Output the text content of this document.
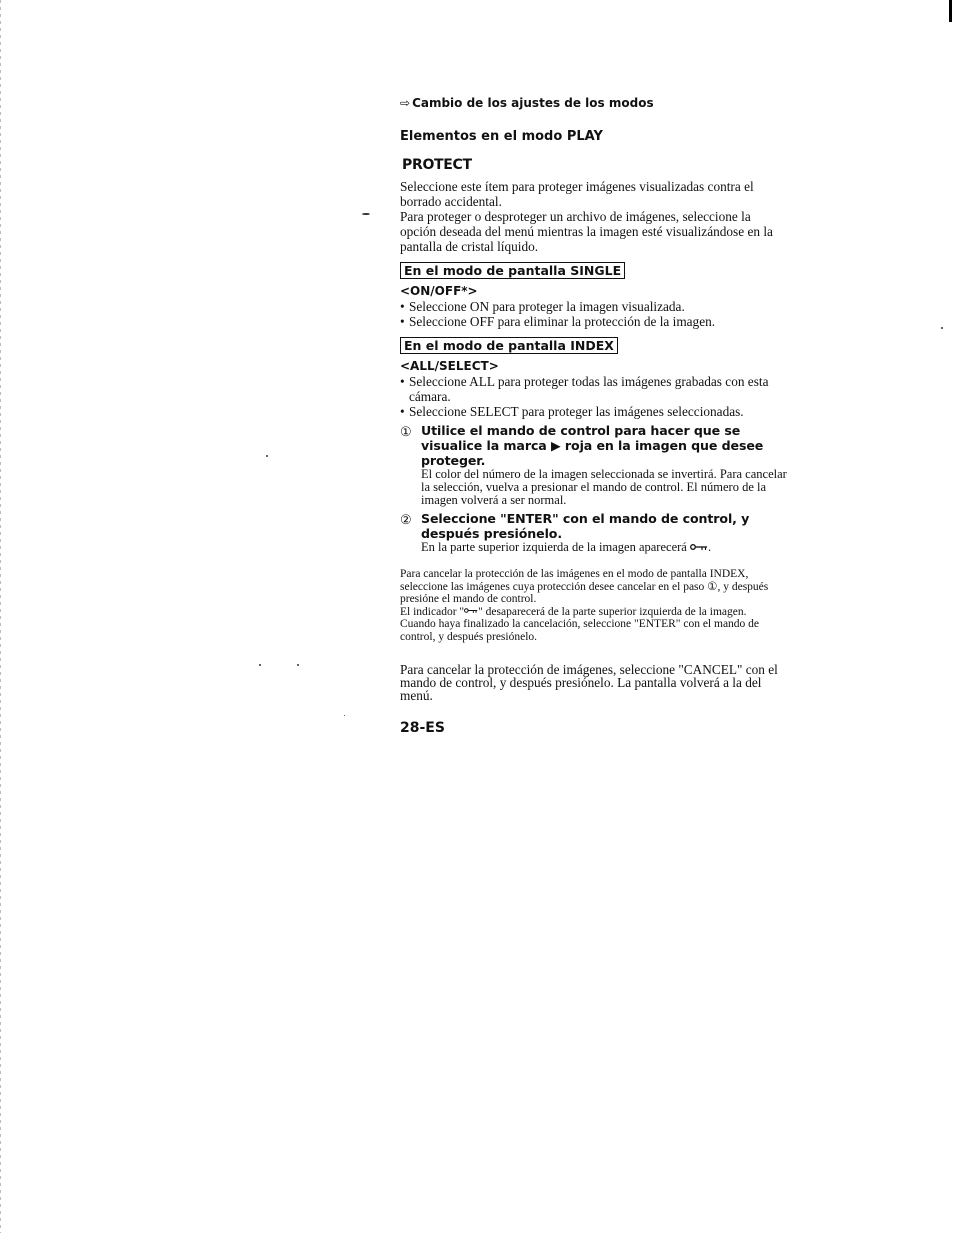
⇨ Cambio de los ajustes de los modos
Elementos en el modo PLAY
PROTECT

Seleccione este ítem para proteger imágenes visualizadas contra el borrado accidental.

Para proteger o desproteger un archivo de imágenes, seleccione la opción deseada del menú mientras la imagen esté visualizándose en la pantalla de cristal líquido.

En el modo de pantalla SINGLE
<ON/OFF*>
• Seleccione ON para proteger la imagen visualizada.
• Seleccione OFF para eliminar la protección de la imagen.
En el modo de pantalla INDEX
<ALL/SELECT>
• Seleccione ALL para proteger todas las imágenes grabadas con esta cámara.
• Seleccione SELECT para proteger las imágenes seleccionadas.
① Utilice el mando de control para hacer que se visualice la marca ▶ roja en la imagen que desee proteger.
El color del número de la imagen seleccionada se invertirá. Para cancelar la selección, vuelva a presionar el mando de control. El número de la imagen volverá a ser normal.
② Seleccione "ENTER" con el mando de control, y después presiónelo.
En la parte superior izquierda de la imagen aparecerá .

Para cancelar la protección de las imágenes en el modo de pantalla INDEX, seleccione las imágenes cuya protección desee cancelar en el paso ①, y después presióne el mando de control.

El indicador " " desaparecerá de la parte superior izquierda de la imagen.

Cuando haya finalizado la cancelación, seleccione "ENTER" con el mando de control, y después presiónelo.

Para cancelar la protección de imágenes, seleccione "CANCEL" con el mando de control, y después presiónelo. La pantalla volverá a la del menú.
28-ES
